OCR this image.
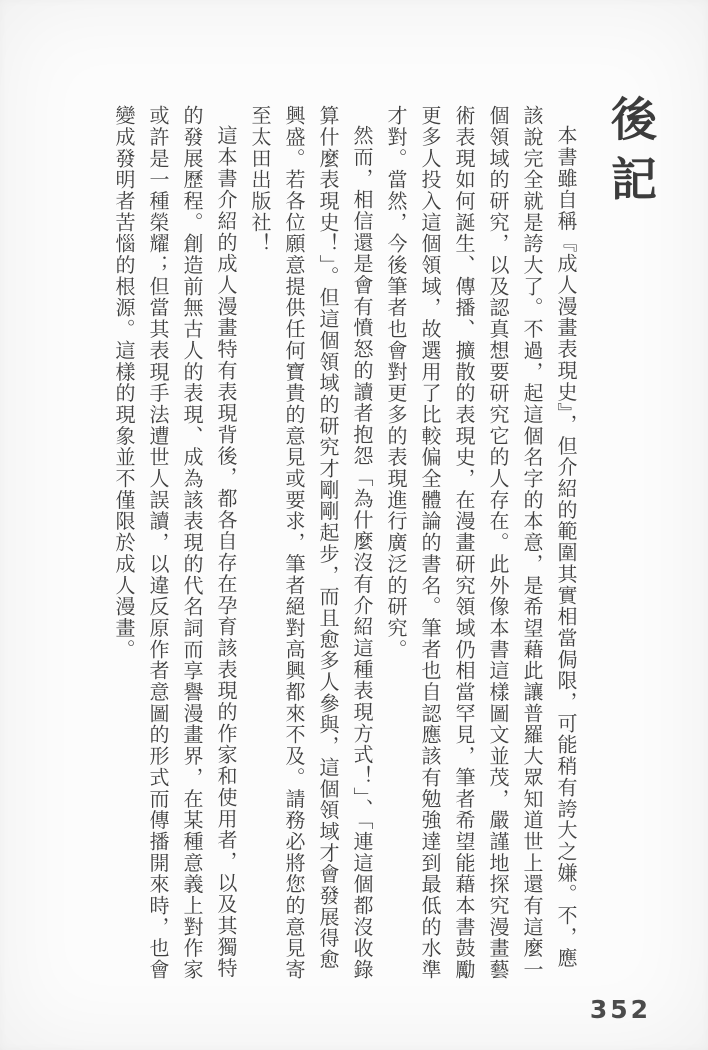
後記

本書雖自稱『成人漫畫表現史』，但介紹的範圍其實相當侷限，可能稍有誇大之嫌。不，應該說完全就是誇大了。不過，起這個名字的本意，是希望藉此讓普羅大眾知道世上還有這麼一個領域的研究，以及認真想要研究它的人存在。此外像本書這樣圖文並茂，嚴謹地探究漫畫藝術表現如何誕生、傳播、擴散的表現史，在漫畫研究領域仍相當罕見，筆者希望能藉本書鼓勵更多人投入這個領域，故選用了比較偏全體論的書名。筆者也自認應該有勉強達到最低的水準才對。當然，今後筆者也會對更多的表現進行廣泛的研究。

然而，相信還是會有憤怒的讀者抱怨「為什麼沒有介紹這種表現方式！」、「連這個都沒收錄算什麼表現史！」。但這個領域的研究才剛剛起步，而且愈多人參與，這個領域才會發展得愈興盛。若各位願意提供任何寶貴的意見或要求，筆者絕對高興都來不及。請務必將您的意見寄至太田出版社！

這本書介紹的成人漫畫特有表現背後，都各自存在孕育該表現的作家和使用者，以及其獨特的發展歷程。創造前無古人的表現、成為該表現的代名詞而享譽漫畫界，在某種意義上對作家或許是一種榮耀；但當其表現手法遭世人誤讀，以違反原作者意圖的形式而傳播開來時，也會變成發明者苦惱的根源。這樣的現象並不僅限於成人漫畫。

352
